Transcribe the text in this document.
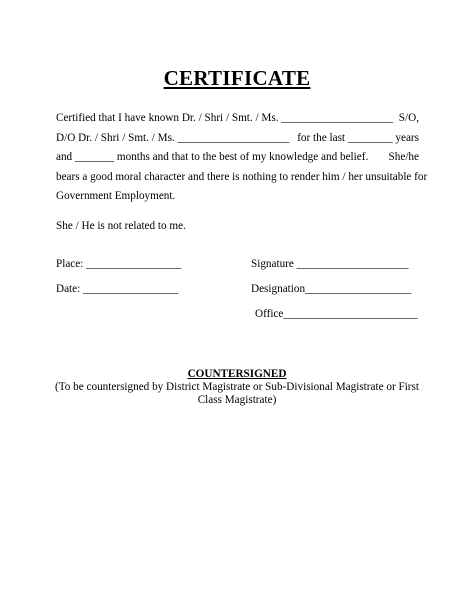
CERTIFICATE
Certified that I have known Dr. / Shri / Smt. / Ms. ____________________ S/O,
D/O Dr. / Shri / Smt. / Ms. ____________________ for the last ________ years
and _______ months and that to the best of my knowledge and belief. She/he
bears a good moral character and there is nothing to render him / her unsuitable for
Government Employment.
She / He is not related to me.
Place: _________________	Signature ____________________
Date: _________________	Designation___________________
Office________________________
COUNTERSIGNED
(To be countersigned by District Magistrate or Sub-Divisional Magistrate or First Class Magistrate)
